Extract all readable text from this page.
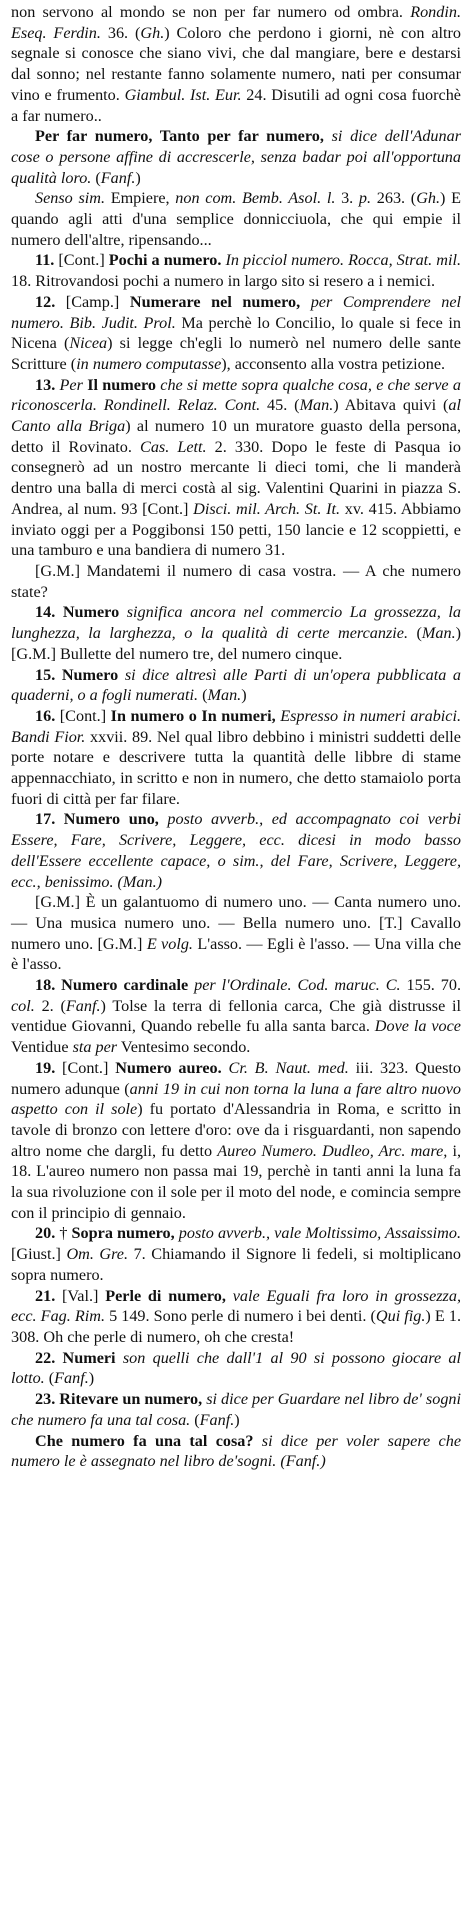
non servono al mondo se non per far numero od ombra. Rondin. Eseq. Ferdin. 36. (Gh.) Coloro che perdono i giorni, nè con altro segnale si conosce che siano vivi, che dal mangiare, bere e destarsi dal sonno; nel restante fanno solamente numero, nati per consumar vino e frumento. Giambul. Ist. Eur. 24. Disutili ad ogni cosa fuorchè a far numero..

Per far numero, Tanto per far numero, si dice dell'Adunar cose o persone affine di accrescerle, senza badar poi all'opportuna qualità loro. (Fanf.)

Senso sim. Empiere, non com. Bemb. Asol. l. 3. p. 263. (Gh.) E quando agli atti d'una semplice donnicciuola, che qui empie il numero dell'altre, ripensando...

11. [Cont.] Pochi a numero. In picciol numero. Rocca, Strat. mil. 18. Ritrovandosi pochi a numero in largo sito si resero a i nemici.

12. [Camp.] Numerare nel numero, per Comprendere nel numero. Bib. Judit. Prol. Ma perchè lo Concilio, lo quale si fece in Nicena (Nicea) si legge ch'egli lo numerò nel numero delle sante Scritture (in numero computasse), acconsento alla vostra petizione.

13. Per Il numero che si mette sopra qualche cosa, e che serve a riconoscerla. Rondinell. Relaz. Cont. 45. (Man.) Abitava quivi (al Canto alla Briga) al numero 10 un muratore guasto della persona, detto il Rovinato. Cas. Lett. 2. 330. Dopo le feste di Pasqua io consegnerò ad un nostro mercante li dieci tomi, che li manderà dentro una balla di merci costà al sig. Valentini Quarini in piazza S. Andrea, al num. 93 [Cont.] Disci. mil. Arch. St. It. xv. 415. Abbiamo inviato oggi per a Poggibonsi 150 petti, 150 lancie e 12 scoppietti, e una tamburo e una bandiera di numero 31.

[G.M.] Mandatemi il numero di casa vostra. — A che numero state?

14. Numero significa ancora nel commercio La grossezza, la lunghezza, la larghezza, o la qualità di certe mercanzie. (Man.) [G.M.] Bullette del numero tre, del numero cinque.

15. Numero si dice altresì alle Parti di un'opera pubblicata a quaderni, o a fogli numerati. (Man.)

16. [Cont.] In numero o In numeri, Espresso in numeri arabici. Bandi Fior. xxvii. 89. Nel qual libro debbino i ministri suddetti delle porte notare e descrivere tutta la quantità delle libbre di stame appennacchiato, in scritto e non in numero, che detto stamaiolo porta fuori di città per far filare.

17. Numero uno, posto avverb., ed accompagnato coi verbi Essere, Fare, Scrivere, Leggere, ecc. dicesi in modo basso dell'Essere eccellente capace, o sim., del Fare, Scrivere, Leggere, ecc., benissimo. (Man.)

[G.M.] È un galantuomo di numero uno. — Canta numero uno. — Una musica numero uno. — Bella numero uno. [T.] Cavallo numero uno. [G.M.] E volg. L'asso. — Egli è l'asso. — Una villa che è l'asso.

18. Numero cardinale per l'Ordinale. Cod. maruc. C. 155. 70. col. 2. (Fanf.) Tolse la terra di fellonia carca, Che già distrusse il ventidue Giovanni, Quando rebelle fu alla santa barca. Dove la voce Ventidue sta per Ventesimo secondo.

19. [Cont.] Numero aureo. Cr. B. Naut. med. iii. 323. Questo numero adunque (anni 19 in cui non torna la luna a fare altro nuovo aspetto con il sole) fu portato d'Alessandria in Roma, e scritto in tavole di bronzo con lettere d'oro: ove da i risguardanti, non sapendo altro nome che dargli, fu detto Aureo Numero. Dudleo, Arc. mare, i, 18. L'aureo numero non passa mai 19, perchè in tanti anni la luna fa la sua rivoluzione con il sole per il moto del node, e comincia sempre con il principio di gennaio.

20. † Sopra numero, posto avverb., vale Moltissimo, Assaissimo. [Giust.] Om. Gre. 7. Chiamando il Signore li fedeli, si moltiplicano sopra numero.

21. [Val.] Perle di numero, vale Eguali fra loro in grossezza, ecc. Fag. Rim. 5 149. Sono perle di numero i bei denti. (Qui fig.) E 1. 308. Oh che perle di numero, oh che cresta!

22. Numeri son quelli che dall'1 al 90 si possono giocare al lotto. (Fanf.)

23. Ritevare un numero, si dice per Guardare nel libro de' sogni che numero fa una tal cosa. (Fanf.)

Che numero fa una tal cosa? si dice per voler sapere che numero le è assegnato nel libro de'sogni. (Fanf.)
